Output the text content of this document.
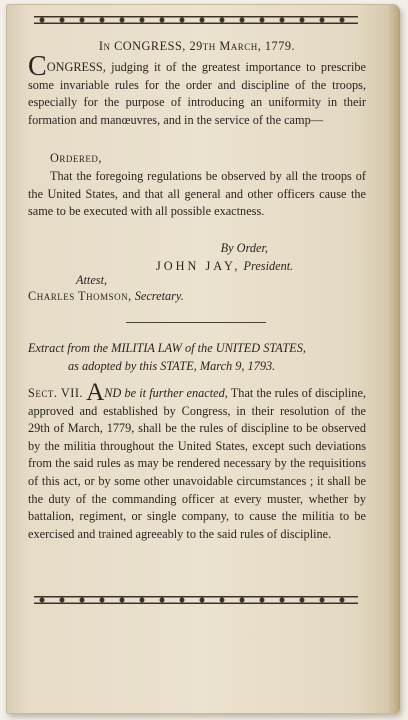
In CONGRESS, 29th March, 1779.

CONGRESS, judging it of the greatest importance to prescribe some invariable rules for the order and discipline of the troops, especially for the purpose of introducing an uniformity in their formation and manœuvres, and in the service of the camp—

Ordered,

That the foregoing regulations be observed by all the troops of the United States, and that all general and other officers cause the same to be executed with all possible exactness.

By Order,
JOHN JAY, President.
Attest,
Charles Thomson, Secretary.

Extract from the MILITIA LAW of the UNITED STATES,

as adopted by this STATE, March 9, 1793.

Sect. VII. AND be it further enacted, That the rules of discipline, approved and established by Congress, in their resolution of the 29th of March, 1779, shall be the rules of discipline to be observed by the militia throughout the United States, except such deviations from the said rules as may be rendered necessary by the requisitions of this act, or by some other unavoidable circumstances ; it shall be the duty of the commanding officer at every muster, whether by battalion, regiment, or single company, to cause the militia to be exercised and trained agreeably to the said rules of discipline.
